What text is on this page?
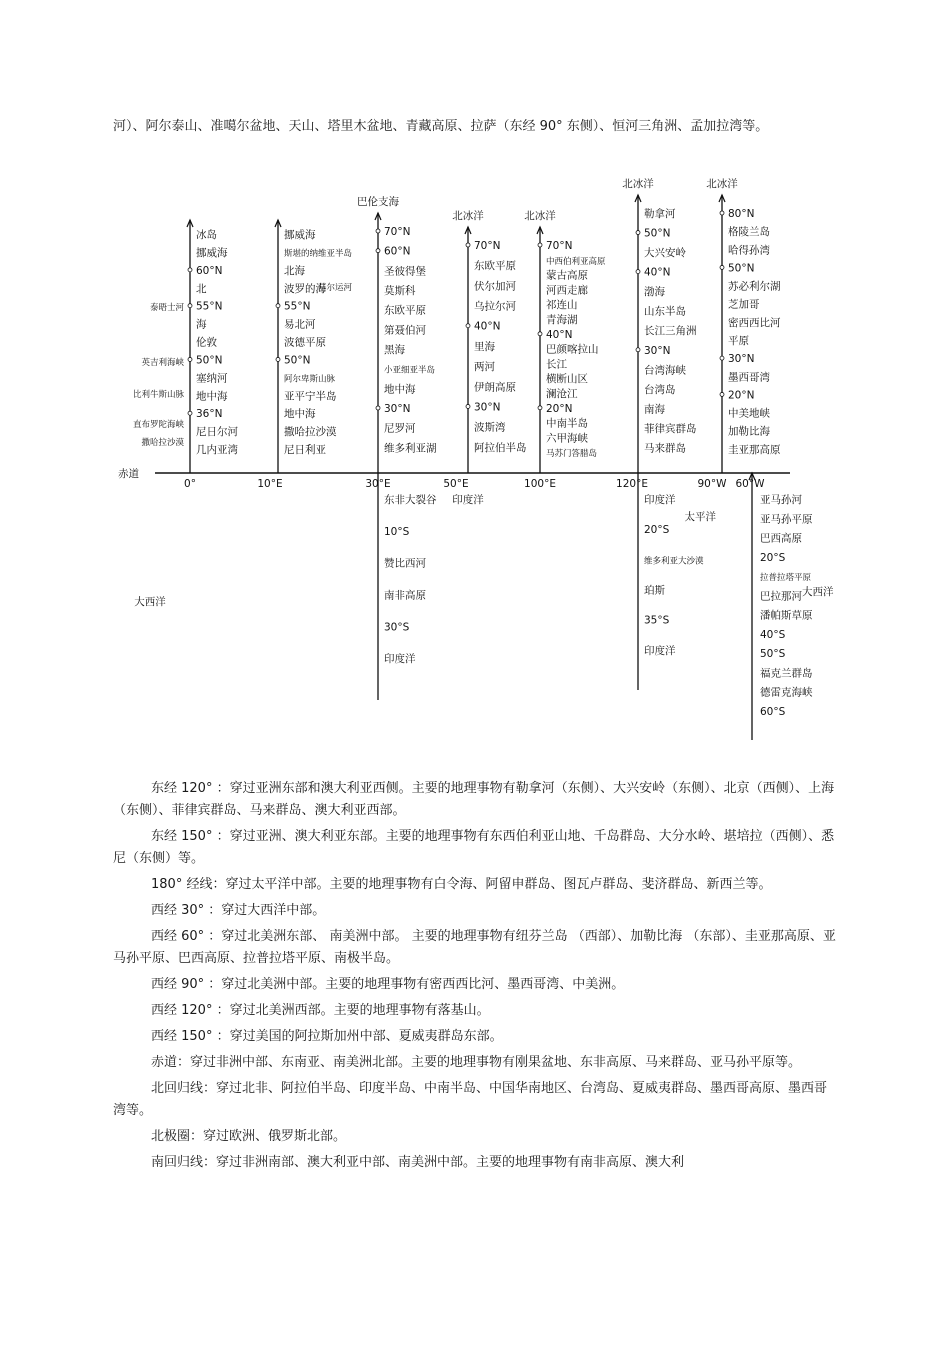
河）、阿尔泰山、准噶尔盆地、天山、塔里木盆地、青藏高原、拉萨（东经 90° 东侧）、恒河三角洲、孟加拉湾等。

赤道
0°
冰岛
挪威海
60°N
北
55°N
海
伦敦
50°N
塞纳河
地中海
36°N
尼日尔河
几内亚湾
泰晤士河
英吉利海峡
比利牛斯山脉
直布罗陀海峡
撒哈拉沙漠
大西洋
10°E
挪威海
斯堪的纳维亚半岛
北海
波罗的海
55°N
易北河
波德平原
50°N
阿尔卑斯山脉
亚平宁半岛
地中海
撒哈拉沙漠
尼日利亚
基尔运河
30°E
巴伦支海
70°N
60°N
圣彼得堡
莫斯科
东欧平原
第聂伯河
黑海
小亚细亚半岛
地中海
30°N
尼罗河
维多利亚湖
东非大裂谷
10°S
赞比西河
南非高原
30°S
印度洋
50°E
北冰洋
70°N
东欧平原
伏尔加河
乌拉尔河
40°N
里海
两河
伊朗高原
30°N
波斯湾
阿拉伯半岛
印度洋
100°E
北冰洋
70°N
中西伯利亚高原
蒙古高原
河西走廊
祁连山
青海湖
40°N
巴颜喀拉山
长江
横断山区
澜沧江
20°N
中南半岛
六甲海峡
马苏门答腊岛
120°E
北冰洋
勒拿河
50°N
大兴安岭
40°N
渤海
山东半岛
长江三角洲
30°N
台湾海峡
台湾岛
南海
菲律宾群岛
马来群岛
印度洋
20°S
维多利亚大沙漠
珀斯
35°S
印度洋
90°W
北冰洋
80°N
格陵兰岛
哈得孙湾
50°N
苏必利尔湖
芝加哥
密西西比河
平原
30°N
墨西哥湾
20°N
中美地峡
加勒比海
圭亚那高原
太平洋
60°W
大西洋
亚马孙河
亚马孙平原
巴西高原
20°S
拉普拉塔平原
巴拉那河
潘帕斯草原
40°S
50°S
福克兰群岛
德雷克海峡
60°S

东经 120° ：穿过亚洲东部和澳大利亚西侧。主要的地理事物有勒拿河（东侧）、大兴安岭（东侧）、北京（西侧）、上海（东侧）、菲律宾群岛、马来群岛、澳大利亚西部。

东经 150° ：穿过亚洲、澳大利亚东部。主要的地理事物有东西伯利亚山地、千岛群岛、大分水岭、堪培拉（西侧）、悉尼（东侧）等。

180° 经线：穿过太平洋中部。主要的地理事物有白令海、阿留申群岛、图瓦卢群岛、斐济群岛、新西兰等。

西经 30° ：穿过大西洋中部。

西经 60° ：穿过北美洲东部、 南美洲中部。 主要的地理事物有纽芬兰岛 （西部）、加勒比海 （东部）、圭亚那高原、亚马孙平原、巴西高原、拉普拉塔平原、南极半岛。

西经 90° ：穿过北美洲中部。主要的地理事物有密西西比河、墨西哥湾、中美洲。

西经 120° ：穿过北美洲西部。主要的地理事物有落基山。

西经 150° ：穿过美国的阿拉斯加州中部、夏威夷群岛东部。

赤道：穿过非洲中部、东南亚、南美洲北部。主要的地理事物有刚果盆地、东非高原、马来群岛、亚马孙平原等。

北回归线：穿过北非、阿拉伯半岛、印度半岛、中南半岛、中国华南地区、台湾岛、夏威夷群岛、墨西哥高原、墨西哥湾等。

北极圈：穿过欧洲、俄罗斯北部。

南回归线：穿过非洲南部、澳大利亚中部、南美洲中部。主要的地理事物有南非高原、澳大利
